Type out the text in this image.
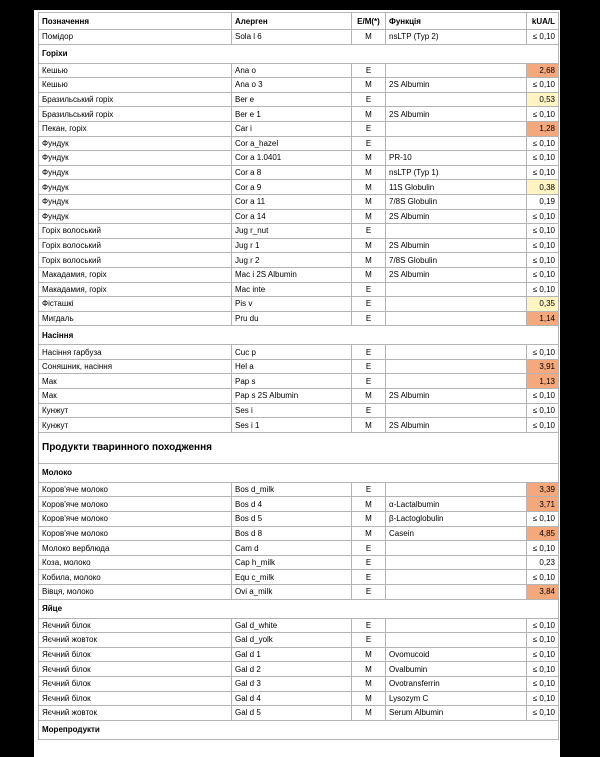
Позначення	Алерген	E/M(*)	Функція	kUA/L
Помідор	Sola l 6	M	nsLTP (Typ 2)	≤ 0,10
Горіхи				
Кешью	Ana o	E		2,68
Кешью	Ana o 3	M	2S Albumin	≤ 0,10
Бразильський горіх	Ber e	E		0,53
Бразильський горіх	Ber e 1	M	2S Albumin	≤ 0,10
Пекан, горіх	Car i	E		1,28
Фундук	Cor a_hazel	E		≤ 0,10
Фундук	Cor a 1.0401	M	PR-10	≤ 0,10
Фундук	Cor a 8	M	nsLTP (Typ 1)	≤ 0,10
Фундук	Cor a 9	M	11S Globulin	0,38
Фундук	Cor a 11	M	7/8S Globulin	0,19
Фундук	Cor a 14	M	2S Albumin	≤ 0,10
Горіх волоський	Jug r_nut	E		≤ 0,10
Горіх волоський	Jug r 1	M	2S Albumin	≤ 0,10
Горіх волоський	Jug r 2	M	7/8S Globulin	≤ 0,10
Макадамия, горіх	Mac i 2S Albumin	M	2S Albumin	≤ 0,10
Макадамия, горіх	Mac inte	E		≤ 0,10
Фісташкі	Pis v	E		0,35
Мигдаль	Pru du	E		1,14
Насіння				
Насіння гарбуза	Cuc p	E		≤ 0,10
Соняшник, насіння	Hel a	E		3,91
Мак	Pap s	E		1,13
Мак	Pap s 2S Albumin	M	2S Albumin	≤ 0,10
Кунжут	Ses i	E		≤ 0,10
Кунжут	Ses i 1	M	2S Albumin	≤ 0,10
Продукти тваринного походження				
Молоко				
Коров'яче молоко	Bos d_milk	E		3,39
Коров'яче молоко	Bos d 4	M	α-Lactalbumin	3,71
Коров'яче молоко	Bos d 5	M	β-Lactoglobulin	≤ 0,10
Коров'яче молоко	Bos d 8	M	Casein	4,85
Молоко верблюда	Cam d	E		≤ 0,10
Коза, молоко	Cap h_milk	E		0,23
Кобила, молоко	Equ c_milk	E		≤ 0,10
Вівця, молоко	Ovi a_milk	E		3,84
Яйце				
Яєчний білок	Gal d_white	E		≤ 0,10
Яєчний жовток	Gal d_yolk	E		≤ 0,10
Яєчний білок	Gal d 1	M	Ovomucoid	≤ 0,10
Яєчний білок	Gal d 2	M	Ovalbumin	≤ 0,10
Яєчний білок	Gal d 3	M	Ovotransferrin	≤ 0,10
Яєчний білок	Gal d 4	M	Lysozym C	≤ 0,10
Яєчний жовток	Gal d 5	M	Serum Albumin	≤ 0,10
Морепродукти				
